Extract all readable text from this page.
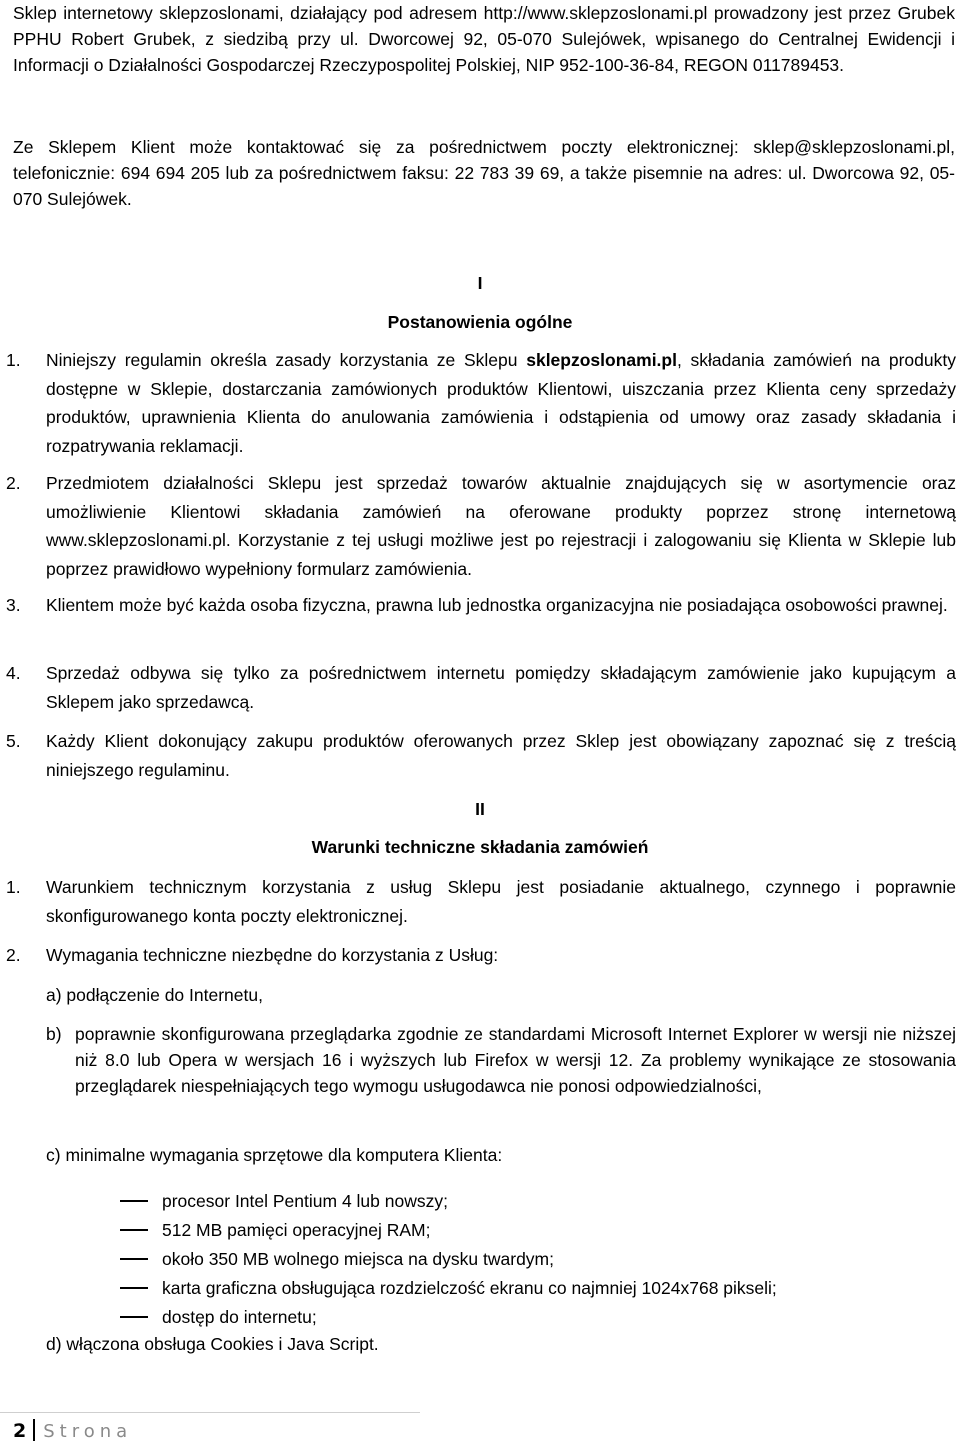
Sklep internetowy sklepzoslonami, działający pod adresem http://www.sklepzoslonami.pl prowadzony jest przez Grubek PPHU Robert Grubek, z siedzibą przy ul. Dworcowej 92, 05-070 Sulejówek, wpisanego do Centralnej Ewidencji i Informacji o Działalności Gospodarczej Rzeczypospolitej Polskiej, NIP 952-100-36-84, REGON 011789453.

Ze Sklepem Klient może kontaktować się za pośrednictwem poczty elektronicznej: sklep@sklepzoslonami.pl, telefonicznie: 694 694 205 lub za pośrednictwem faksu: 22 783 39 69, a także pisemnie na adres: ul. Dworcowa 92, 05-070 Sulejówek.

I

Postanowienia ogólne

1. Niniejszy regulamin określa zasady korzystania ze Sklepu sklepzoslonami.pl, składania zamówień na produkty dostępne w Sklepie, dostarczania zamówionych produktów Klientowi, uiszczania przez Klienta ceny sprzedaży produktów, uprawnienia Klienta do anulowania zamówienia i odstąpienia od umowy oraz zasady składania i rozpatrywania reklamacji.
2. Przedmiotem działalności Sklepu jest sprzedaż towarów aktualnie znajdujących się w asortymencie oraz umożliwienie Klientowi składania zamówień na oferowane produkty poprzez stronę internetową www.sklepzoslonami.pl. Korzystanie z tej usługi możliwe jest po rejestracji i zalogowaniu się Klienta w Sklepie lub poprzez prawidłowo wypełniony formularz zamówienia.
3. Klientem może być każda osoba fizyczna, prawna lub jednostka organizacyjna nie posiadająca osobowości prawnej.
4. Sprzedaż odbywa się tylko za pośrednictwem internetu pomiędzy składającym zamówienie jako kupującym a Sklepem jako sprzedawcą.
5. Każdy Klient dokonujący zakupu produktów oferowanych przez Sklep jest obowiązany zapoznać się z treścią niniejszego regulaminu.

II

Warunki techniczne składania zamówień

1. Warunkiem technicznym korzystania z usług Sklepu jest posiadanie aktualnego, czynnego i poprawnie skonfigurowanego konta poczty elektronicznej.
2. Wymagania techniczne niezbędne do korzystania z Usług:

a) podłączenie do Internetu,

b) poprawnie skonfigurowana przeglądarka zgodnie ze standardami Microsoft Internet Explorer w wersji nie niższej niż 8.0 lub Opera w wersjach 16 i wyższych lub Firefox w wersji 12. Za problemy wynikające ze stosowania przeglądarek niespełniających tego wymogu usługodawca nie ponosi odpowiedzialności,

c) minimalne wymagania sprzętowe dla komputera Klienta:

procesor Intel Pentium 4 lub nowszy;
512 MB pamięci operacyjnej RAM;
około 350 MB wolnego miejsca na dysku twardym;
karta graficzna obsługująca rozdzielczość ekranu co najmniej 1024x768 pikseli;
dostęp do internetu;

d) włączona obsługa Cookies i Java Script.

2 Strona
